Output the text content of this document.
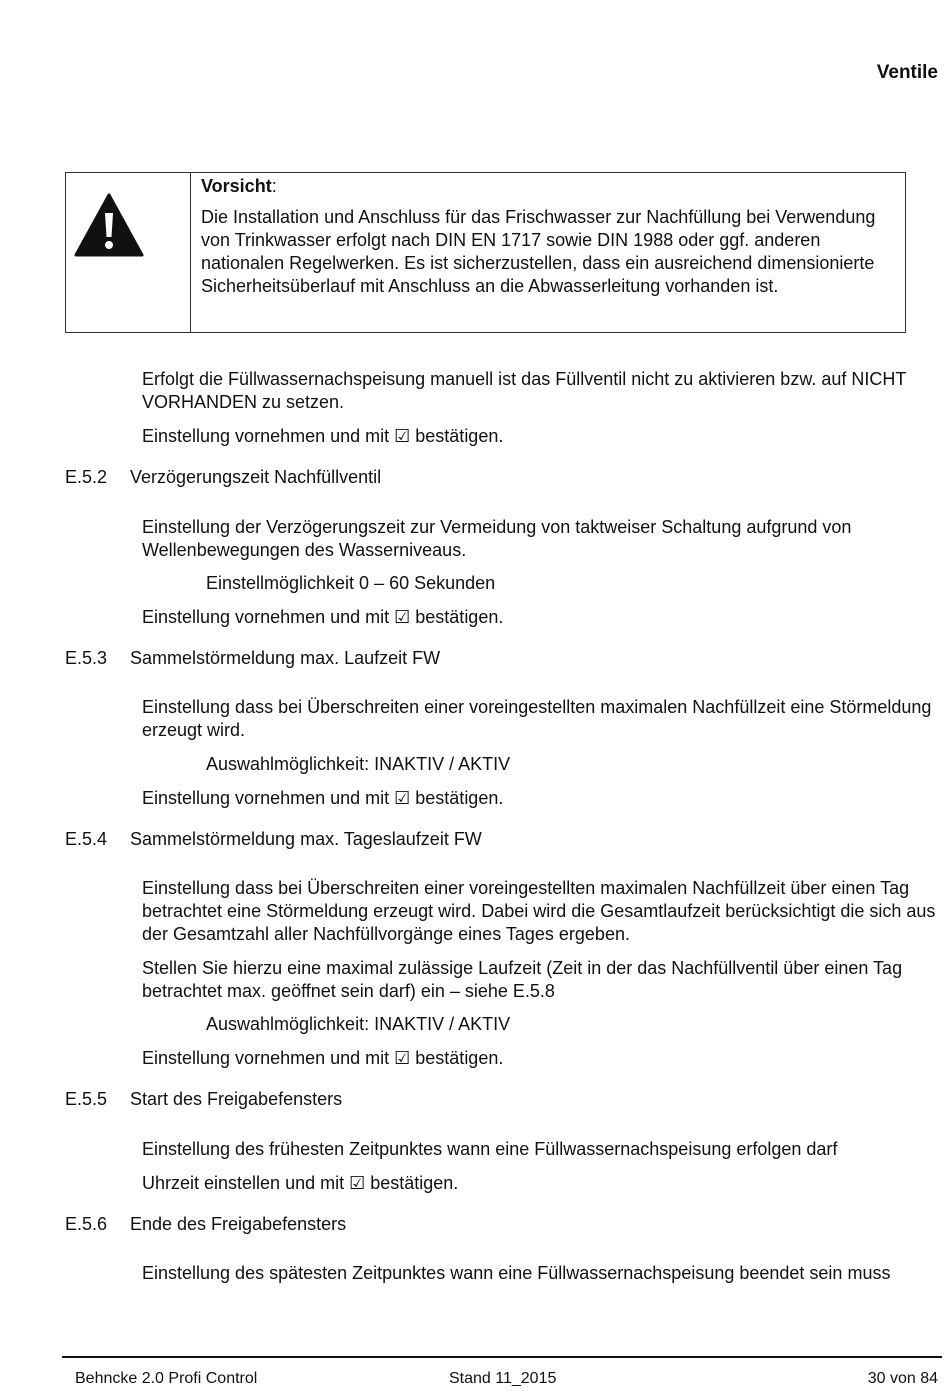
Ventile
Vorsicht:
Die Installation und Anschluss für das Frischwasser zur Nachfüllung bei Verwendung von Trinkwasser erfolgt nach DIN EN 1717 sowie DIN 1988 oder ggf. anderen nationalen Regelwerken. Es ist sicherzustellen, dass ein ausreichend dimensionierte Sicherheitsüberlauf mit Anschluss an die Abwasserleitung vorhanden ist.
Erfolgt die Füllwassernachspeisung manuell ist das Füllventil nicht zu aktivieren bzw. auf NICHT VORHANDEN zu setzen.
Einstellung vornehmen und mit ☑ bestätigen.
E.5.2 Verzögerungszeit Nachfüllventil
Einstellung der Verzögerungszeit zur Vermeidung von taktweiser Schaltung aufgrund von Wellenbewegungen des Wasserniveaus.
Einstellmöglichkeit 0 – 60 Sekunden
Einstellung vornehmen und mit ☑ bestätigen.
E.5.3 Sammelstörmeldung max. Laufzeit FW
Einstellung dass bei Überschreiten einer voreingestellten maximalen Nachfüllzeit eine Störmeldung erzeugt wird.
Auswahlmöglichkeit: INAKTIV / AKTIV
Einstellung vornehmen und mit ☑ bestätigen.
E.5.4 Sammelstörmeldung max. Tageslaufzeit FW
Einstellung dass bei Überschreiten einer voreingestellten maximalen Nachfüllzeit über einen Tag betrachtet eine Störmeldung erzeugt wird. Dabei wird die Gesamtlaufzeit berücksichtigt die sich aus der Gesamtzahl aller Nachfüllvorgänge eines Tages ergeben.
Stellen Sie hierzu eine maximal zulässige Laufzeit (Zeit in der das Nachfüllventil über einen Tag betrachtet max. geöffnet sein darf) ein – siehe E.5.8
Auswahlmöglichkeit: INAKTIV / AKTIV
Einstellung vornehmen und mit ☑ bestätigen.
E.5.5 Start des Freigabefensters
Einstellung des frühesten Zeitpunktes wann eine Füllwassernachspeisung erfolgen darf
Uhrzeit einstellen und mit ☑ bestätigen.
E.5.6 Ende des Freigabefensters
Einstellung des spätesten Zeitpunktes wann eine Füllwassernachspeisung beendet sein muss
Behncke 2.0 Profi Control	Stand 11_2015	30 von 84
